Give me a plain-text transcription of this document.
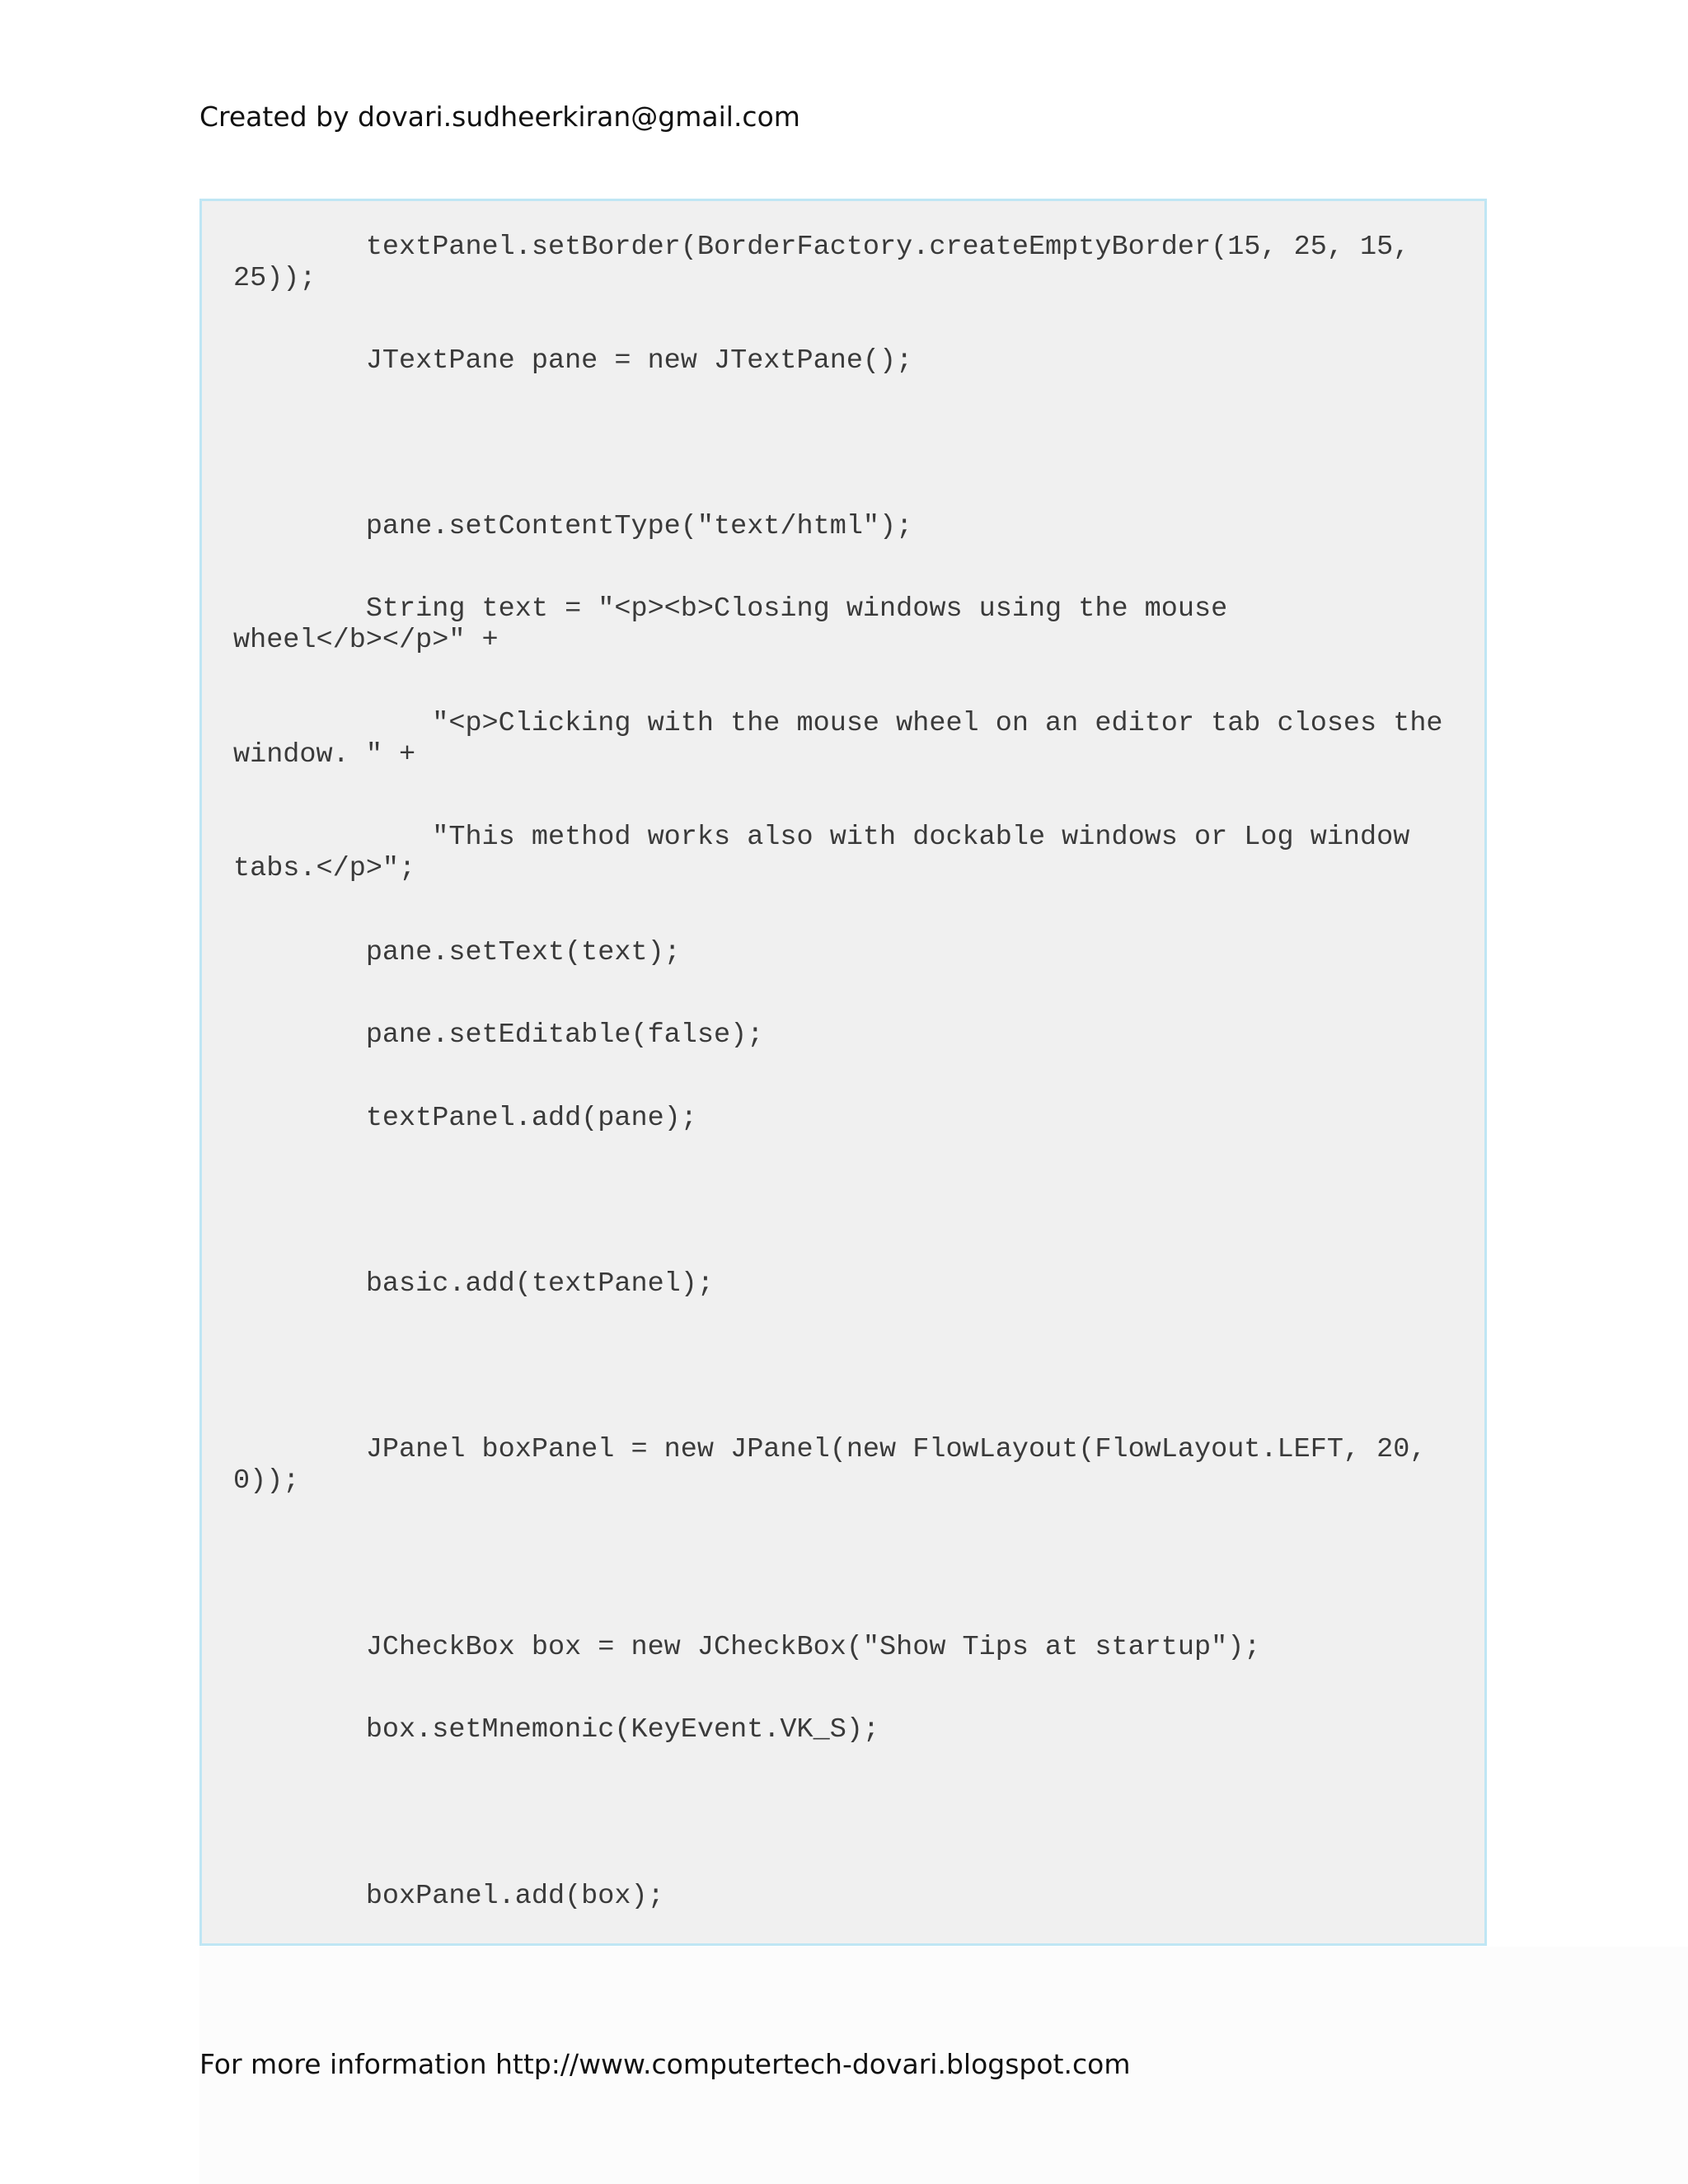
Created by dovari.sudheerkiran@gmail.com
textPanel.setBorder(BorderFactory.createEmptyBorder(15, 25, 15,
25));
JTextPane pane = new JTextPane();
pane.setContentType("text/html");
String text = "<p><b>Closing windows using the mouse
wheel</b></p>" +
"<p>Clicking with the mouse wheel on an editor tab closes the
window. " +
"This method works also with dockable windows or Log window
tabs.</p>";
pane.setText(text);
pane.setEditable(false);
textPanel.add(pane);
basic.add(textPanel);
JPanel boxPanel = new JPanel(new FlowLayout(FlowLayout.LEFT, 20,
0));
JCheckBox box = new JCheckBox("Show Tips at startup");
box.setMnemonic(KeyEvent.VK_S);
boxPanel.add(box);
For more information http://www.computertech-dovari.blogspot.com
